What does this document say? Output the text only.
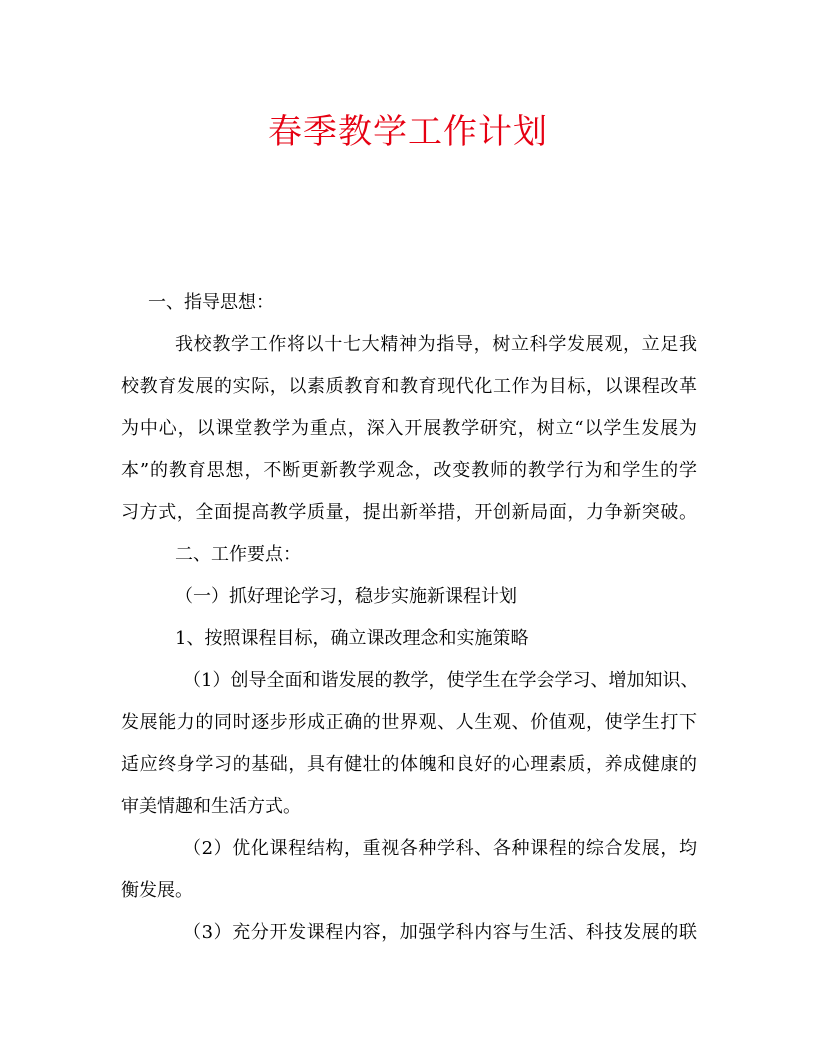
春季教学工作计划
一、指导思想：
我校教学工作将以十七大精神为指导，树立科学发展观，立足我
校教育发展的实际，以素质教育和教育现代化工作为目标，以课程改革
为中心，以课堂教学为重点，深入开展教学研究，树立“以学生发展为
本”的教育思想，不断更新教学观念，改变教师的教学行为和学生的学
习方式，全面提高教学质量，提出新举措，开创新局面，力争新突破。
二、工作要点：
（一）抓好理论学习，稳步实施新课程计划
1、按照课程目标，确立课改理念和实施策略
（1）创导全面和谐发展的教学，使学生在学会学习、增加知识、
发展能力的同时逐步形成正确的世界观、人生观、价值观，使学生打下
适应终身学习的基础，具有健壮的体魄和良好的心理素质，养成健康的
审美情趣和生活方式。
（2）优化课程结构，重视各种学科、各种课程的综合发展，均
衡发展。
（3）充分开发课程内容，加强学科内容与生活、科技发展的联
